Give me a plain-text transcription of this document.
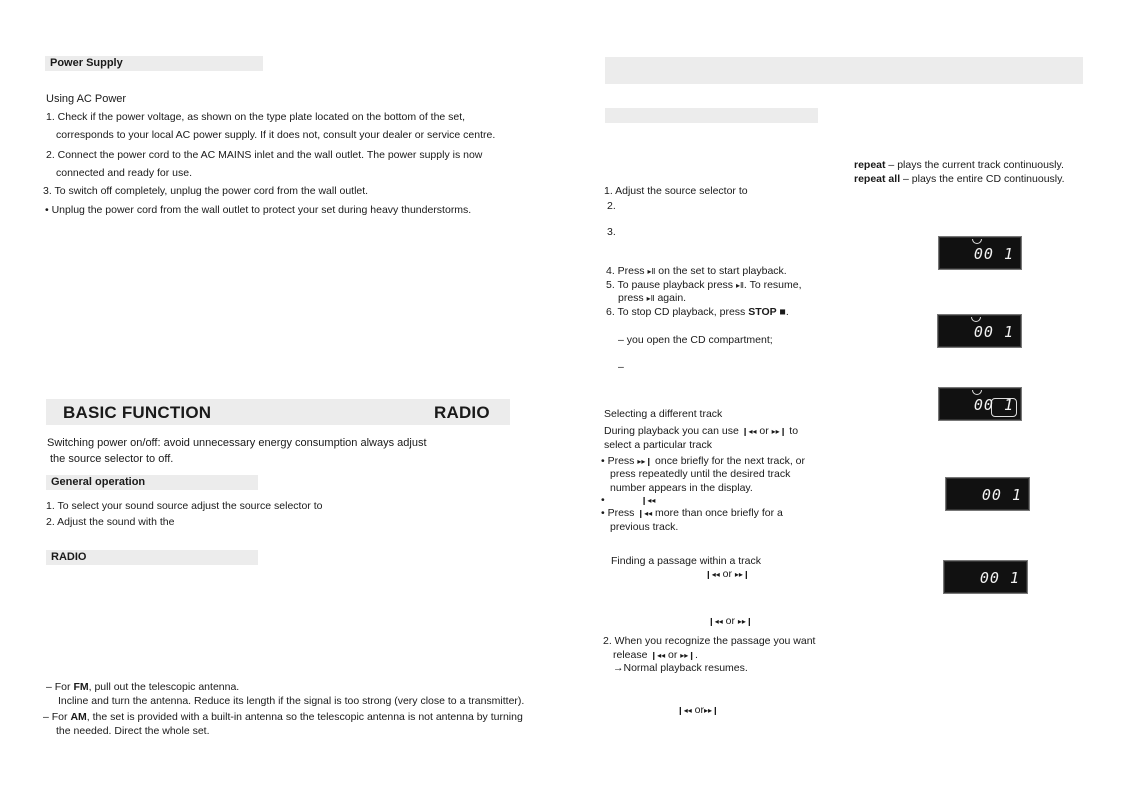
Power Supply
Using AC Power
1. Check if the power voltage, as shown on the type plate located on the bottom of the set,
corresponds to your local AC power supply. If it does not, consult your dealer or service centre.
2. Connect the power cord to the AC MAINS inlet and the wall outlet. The power supply is now
connected and ready for use.
3. To switch off completely, unplug the power cord from the wall outlet.
• Unplug the power cord from the wall outlet to protect your set during heavy thunderstorms.
BASIC FUNCTION	RADIO
Switching power on/off: avoid unnecessary energy consumption always adjust
the source selector to off.
General operation
1. To select your sound source adjust the source selector to
2. Adjust the sound with the
RADIO
– For FM, pull out the telescopic antenna.
Incline and turn the antenna. Reduce its length if the signal is too strong (very close to a transmitter).
– For AM, the set is provided with a built-in antenna so the telescopic antenna is not antenna by turning
the needed. Direct the whole set.
repeat – plays the current track continuously.
repeat all – plays the entire CD continuously.
1. Adjust the source selector to
2.
3.
4. Press ▸Ⅱ on the set to start playback.
5. To pause playback press ▸Ⅱ. To resume,
press ▸Ⅱ again.
6. To stop CD playback, press STOP ■.
– you open the CD compartment;
–
Selecting a different track
During playback you can use ❙◂◂ or ▸▸❙ to
select a particular track
• Press ▸▸❙ once briefly for the next track, or
press repeatedly until the desired track
number appears in the display.
•	❙◂◂
• Press ❙◂◂ more than once briefly for a
previous track.
Finding a passage within a track
❙◂◂ or ▸▸❙
❙◂◂ or ▸▸❙
2. When you recognize the passage you want
release ❙◂◂ or ▸▸❙.
→Normal playback resumes.
❙◂◂ or▸▸❙
00 1
00 1
00 1
00 1
00 1
